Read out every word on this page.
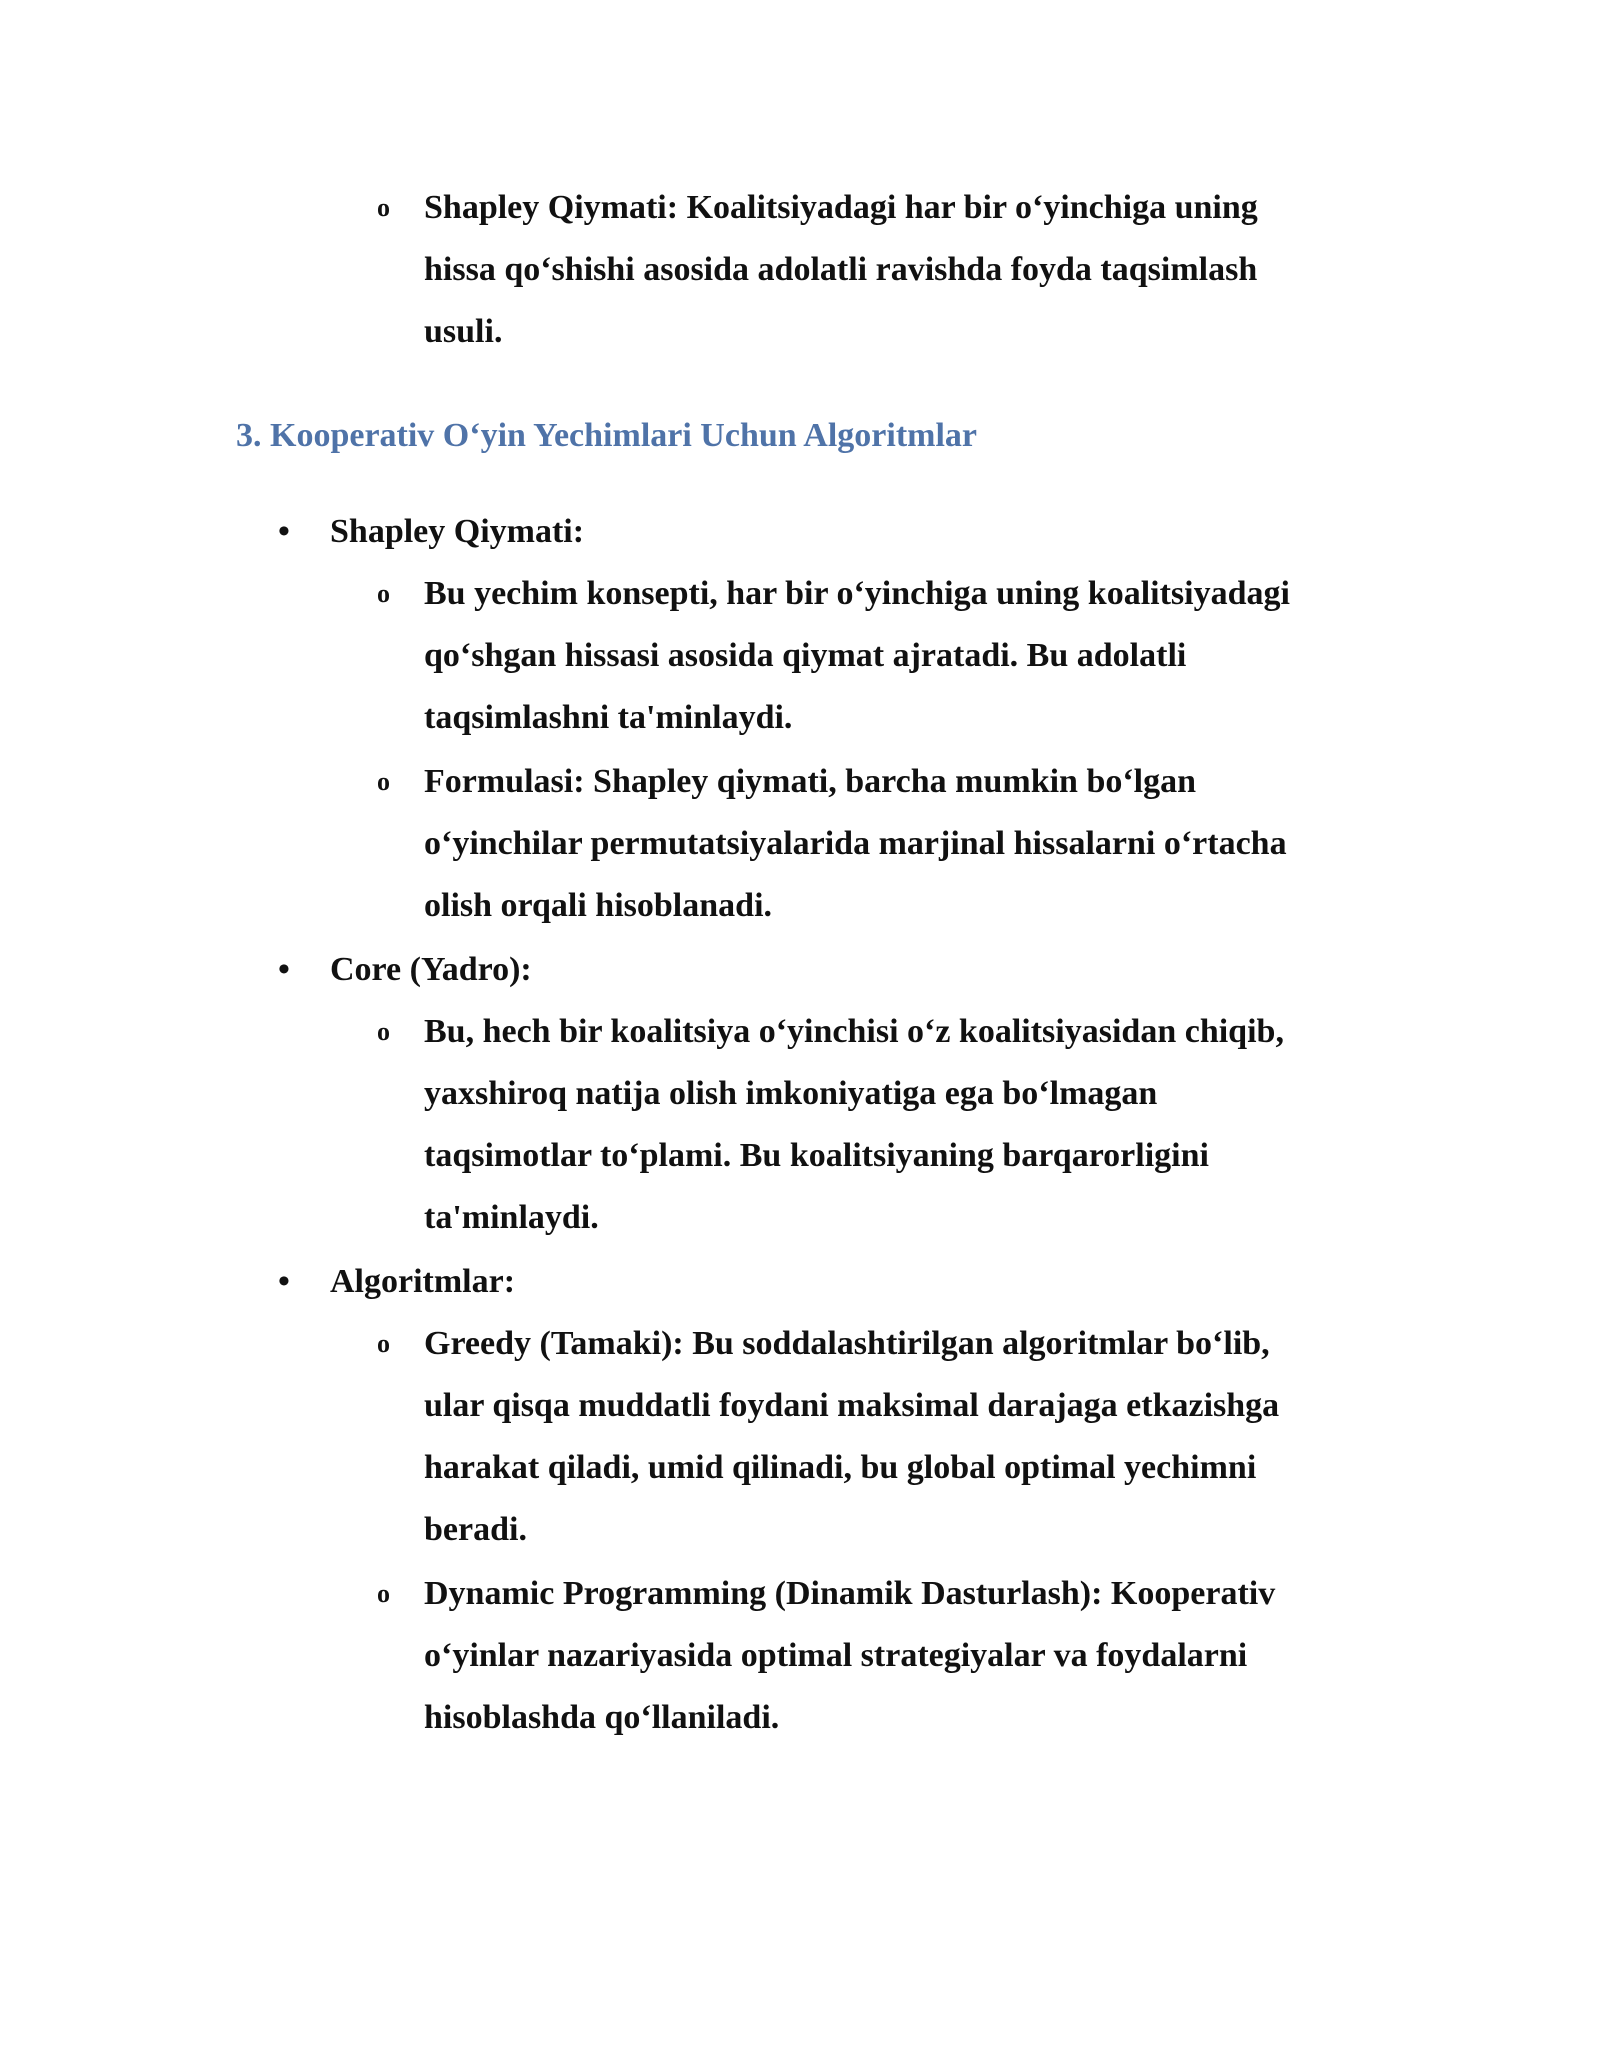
o Shapley Qiymati: Koalitsiyadagi har bir o‘yinchiga uning
hissa qo‘shishi asosida adolatli ravishda foyda taqsimlash
usuli.
3. Kooperativ O‘yin Yechimlari Uchun Algoritmlar
• Shapley Qiymati:
o Bu yechim konsepti, har bir o‘yinchiga uning koalitsiyadagi
qo‘shgan hissasi asosida qiymat ajratadi. Bu adolatli
taqsimlashni ta'minlaydi.
o Formulasi: Shapley qiymati, barcha mumkin bo‘lgan
o‘yinchilar permutatsiyalarida marjinal hissalarni o‘rtacha
olish orqali hisoblanadi.
• Core (Yadro):
o Bu, hech bir koalitsiya o‘yinchisi o‘z koalitsiyasidan chiqib,
yaxshiroq natija olish imkoniyatiga ega bo‘lmagan
taqsimotlar to‘plami. Bu koalitsiyaning barqarorligini
ta'minlaydi.
• Algoritmlar:
o Greedy (Tamaki): Bu soddalashtirilgan algoritmlar bo‘lib,
ular qisqa muddatli foydani maksimal darajaga etkazishga
harakat qiladi, umid qilinadi, bu global optimal yechimni
beradi.
o Dynamic Programming (Dinamik Dasturlash): Kooperativ
o‘yinlar nazariyasida optimal strategiyalar va foydalarni
hisoblashda qo‘llaniladi.
